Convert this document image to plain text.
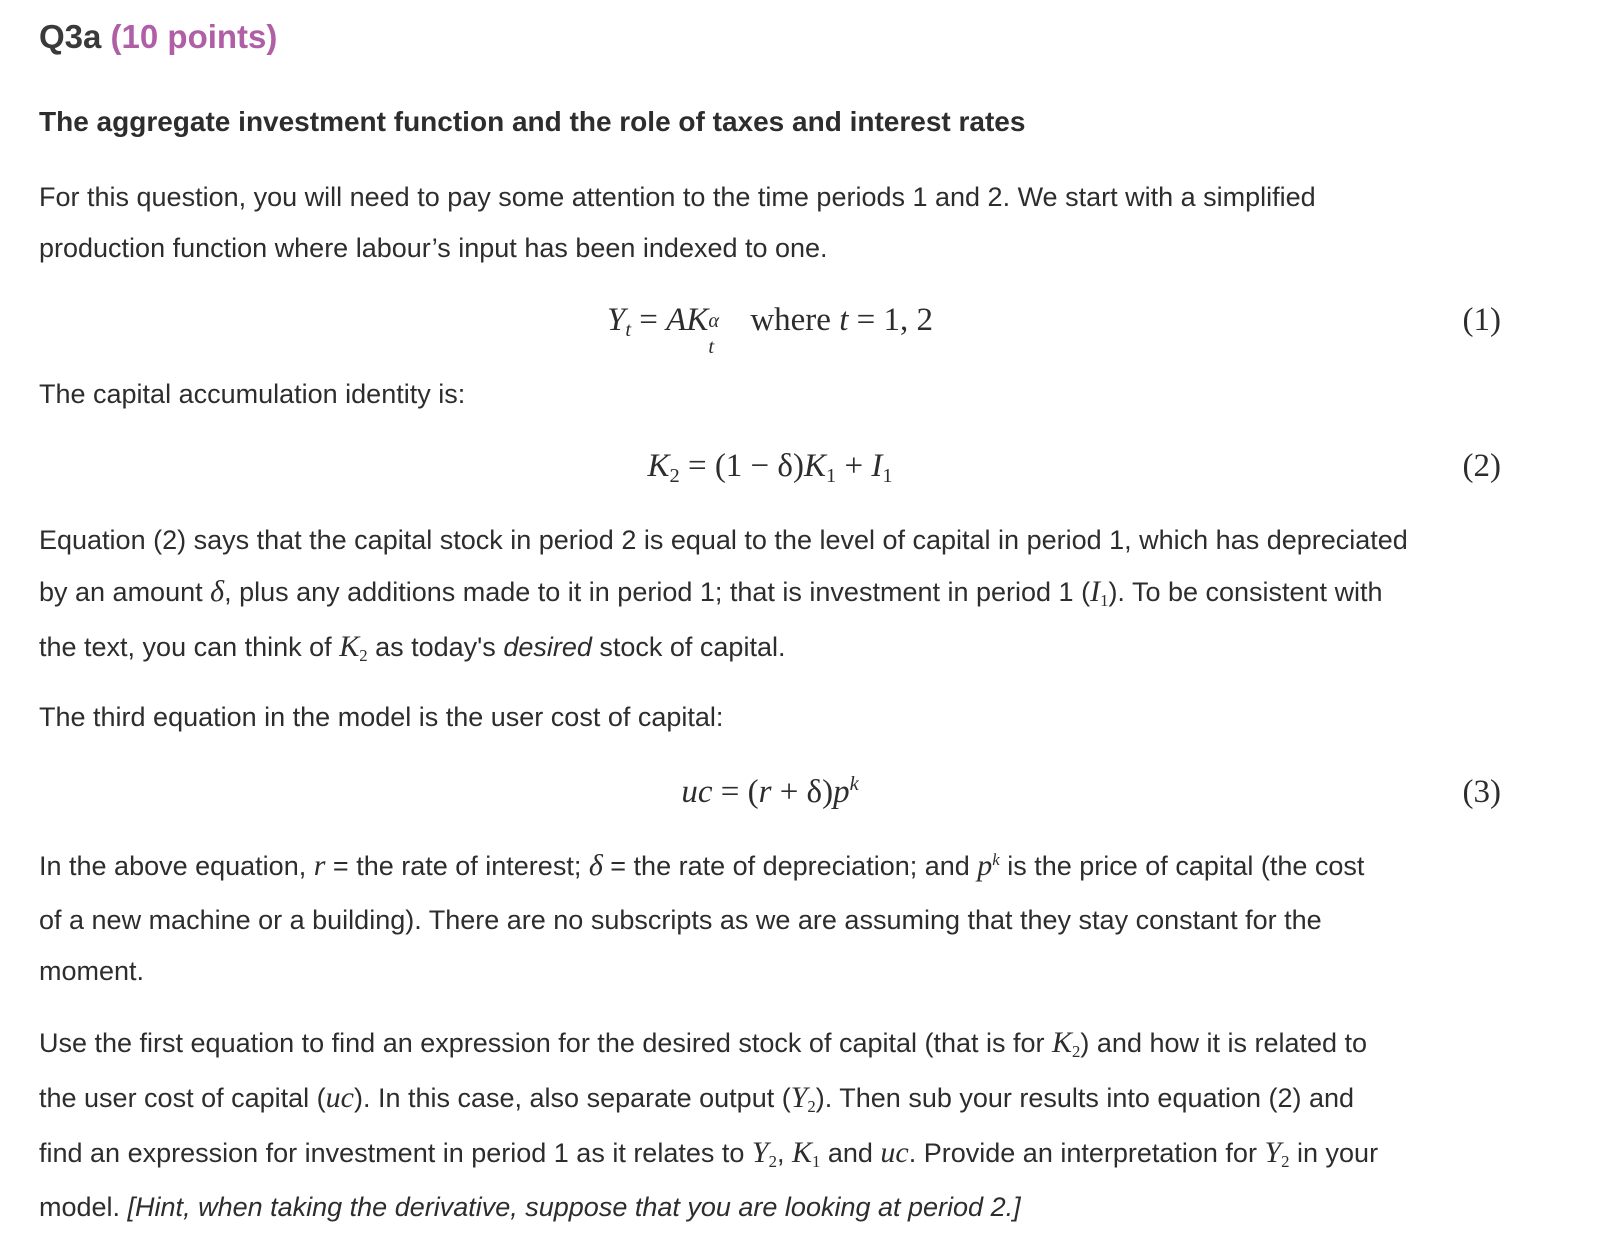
Q3a (10 points)
The aggregate investment function and the role of taxes and interest rates
For this question, you will need to pay some attention to the time periods 1 and 2. We start with a simplified
production function where labour’s input has been indexed to one.
Yt = AK α
t
where t = 1, 2	(1)
The capital accumulation identity is:
K2 = (1 − δ)K1 + I1	(2)
Equation (2) says that the capital stock in period 2 is equal to the level of capital in period 1, which has depreciated
by an amount δ, plus any additions made to it in period 1; that is investment in period 1 (I1). To be consistent with
the text, you can think of K2 as today's desired stock of capital.
The third equation in the model is the user cost of capital:
uc = $(r + \delta)p^k$	(3)
In the above equation, r = the rate of interest; δ = the rate of depreciation; and $p^k$ is the price of capital (the cost
of a new machine or a building). There are no subscripts as we are assuming that they stay constant for the
moment.
Use the first equation to find an expression for the desired stock of capital (that is for K2) and how it is related to
the user cost of capital (uc). In this case, also separate output (Y2). Then sub your results into equation (2) and
find an expression for investment in period 1 as it relates to Y2, K1 and uc. Provide an interpretation for Y2 in your
model. [Hint, when taking the derivative, suppose that you are looking at period 2.]
